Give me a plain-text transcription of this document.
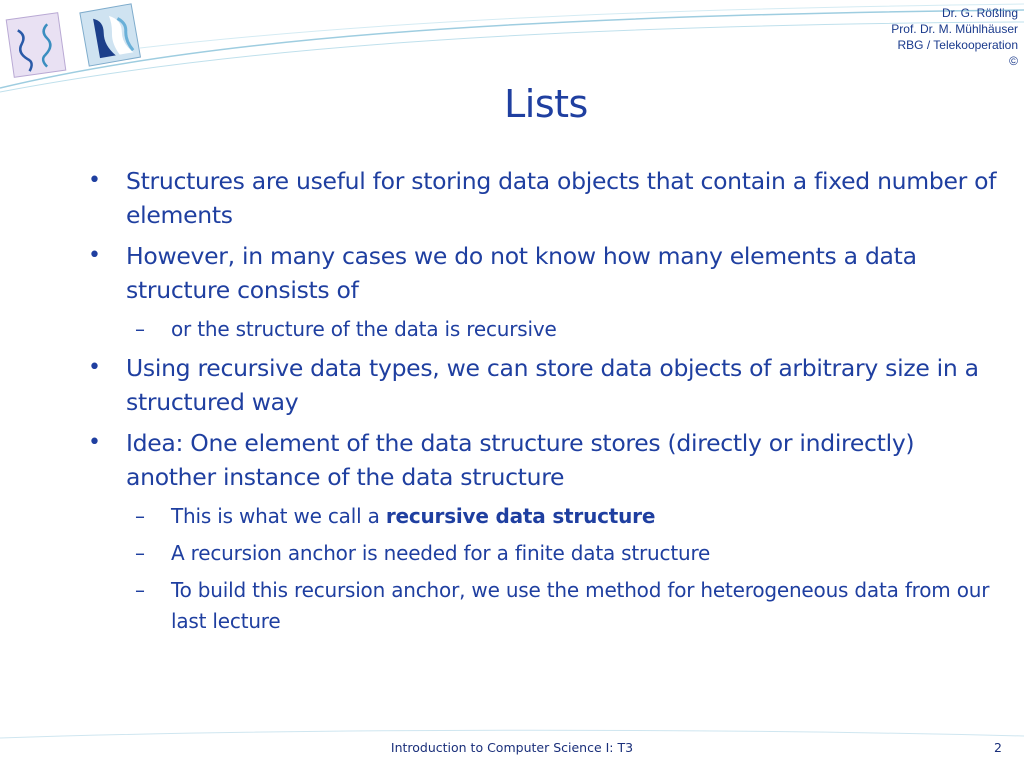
Dr. G. Rößling
Prof. Dr. M. Mühlhäuser
RBG / Telekooperation
©
Lists
• Structures are useful for storing data objects that contain a fixed number of elements
• However, in many cases we do not know how many elements a data structure consists of
– or the structure of the data is recursive
• Using recursive data types, we can store data objects of arbitrary size in a structured way
• Idea: One element of the data structure stores (directly or indirectly) another instance of the data structure
– This is what we call a recursive data structure
– A recursion anchor is needed for a finite data structure
– To build this recursion anchor, we use the method for heterogeneous data from our last lecture
Introduction to Computer Science I: T3	2
